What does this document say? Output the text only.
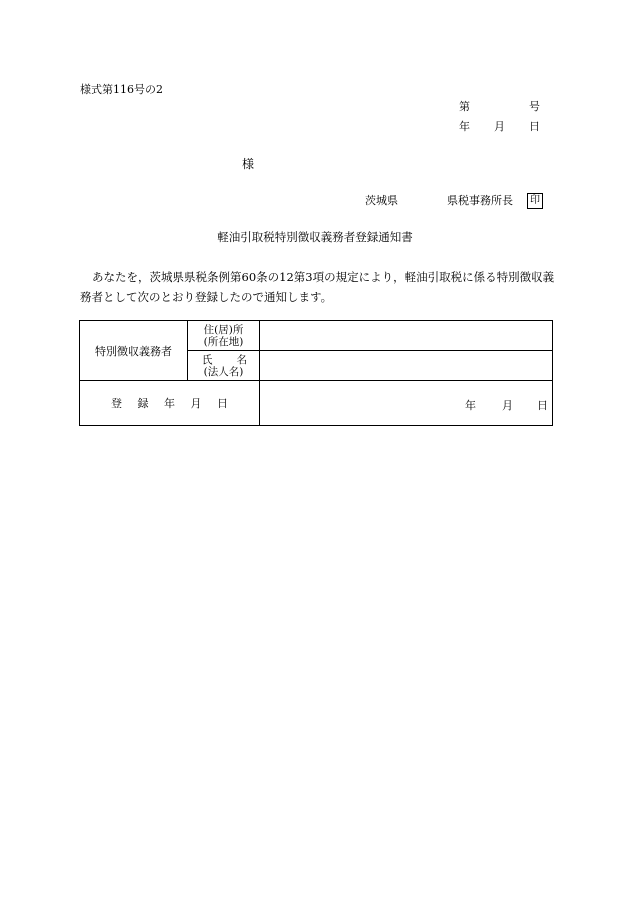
様式第116号の2
第	号
年 月 日
様
茨城県	県税事務所長	印
軽油引取税特別徴収義務者登録通知書
あなたを，茨城県県税条例第60条の12第3項の規定により，軽油引取税に係る特別徴収義
務者として次のとおり登録したので通知します。
特別徴収義務者	住(居)所
(所在地)	

	氏 名
(法人名)	

登 録 年 月 日		年 月 日
